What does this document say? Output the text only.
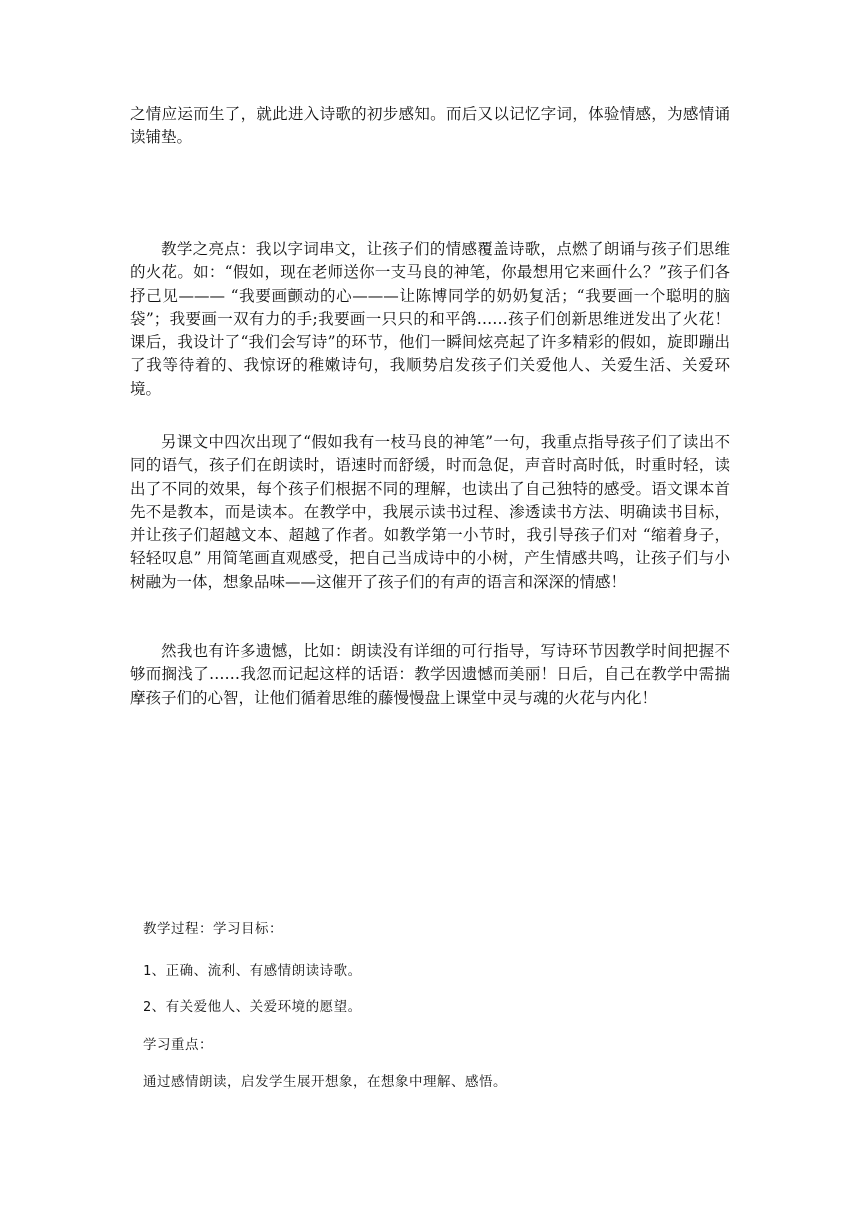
之情应运而生了，就此进入诗歌的初步感知。而后又以记忆字词，体验情感，为感情诵读铺垫。

教学之亮点：我以字词串文，让孩子们的情感覆盖诗歌，点燃了朗诵与孩子们思维的火花。如：“假如，现在老师送你一支马良的神笔，你最想用它来画什么？”孩子们各抒己见——— “我要画颤动的心———让陈博同学的奶奶复活；“我要画一个聪明的脑袋”；我要画一双有力的手;我要画一只只的和平鸽……孩子们创新思维迸发出了火花！课后，我设计了“我们会写诗”的环节，他们一瞬间炫亮起了许多精彩的假如，旋即蹦出了我等待着的、我惊讶的稚嫩诗句，我顺势启发孩子们关爱他人、关爱生活、关爱环境。

另课文中四次出现了“假如我有一枝马良的神笔”一句，我重点指导孩子们了读出不同的语气，孩子们在朗读时，语速时而舒缓，时而急促，声音时高时低，时重时轻，读出了不同的效果，每个孩子们根据不同的理解，也读出了自己独特的感受。语文课本首先不是教本，而是读本。在教学中，我展示读书过程、渗透读书方法、明确读书目标，并让孩子们超越文本、超越了作者。如教学第一小节时，我引导孩子们对 “缩着身子，轻轻叹息” 用简笔画直观感受，把自己当成诗中的小树，产生情感共鸣，让孩子们与小树融为一体，想象品味——这催开了孩子们的有声的语言和深深的情感！

然我也有许多遗憾，比如：朗读没有详细的可行指导，写诗环节因教学时间把握不够而搁浅了……我忽而记起这样的话语：教学因遗憾而美丽！日后，自己在教学中需揣摩孩子们的心智，让他们循着思维的藤慢慢盘上课堂中灵与魂的火花与内化！

教学过程：学习目标：

1、正确、流利、有感情朗读诗歌。

2、有关爱他人、关爱环境的愿望。

学习重点：

通过感情朗读，启发学生展开想象，在想象中理解、感悟。
